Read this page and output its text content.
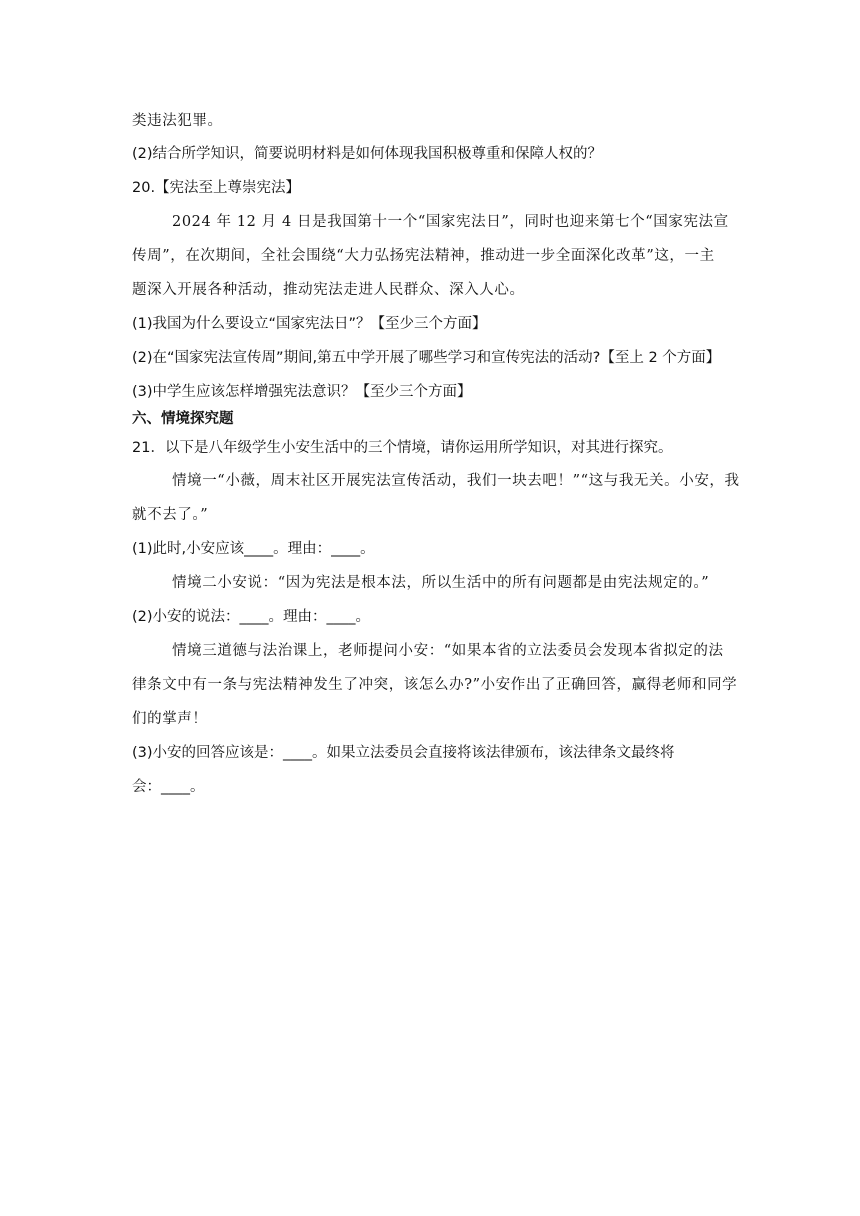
类违法犯罪。
(2)结合所学知识，简要说明材料是如何体现我国积极尊重和保障人权的？
20.【宪法至上尊崇宪法】
2024 年 12 月 4 日是我国第十一个“国家宪法日”，同时也迎来第七个“国家宪法宣
传周”，在次期间，全社会围绕“大力弘扬宪法精神，推动进一步全面深化改革”这，一主
题深入开展各种活动，推动宪法走进人民群众、深入人心。
(1)我国为什么要设立“国家宪法日”？【至少三个方面】
(2)在“国家宪法宣传周”期间,第五中学开展了哪些学习和宣传宪法的活动?【至上 2 个方面】
(3)中学生应该怎样增强宪法意识？【至少三个方面】
六、情境探究题
21．以下是八年级学生小安生活中的三个情境，请你运用所学知识，对其进行探究。
情境一“小薇，周末社区开展宪法宣传活动，我们一块去吧！”“这与我无关。小安，我
就不去了。”
(1)此时,小安应该____。理由：____。
情境二小安说：“因为宪法是根本法，所以生活中的所有问题都是由宪法规定的。”
(2)小安的说法：____。理由：____。
情境三道德与法治课上，老师提问小安：“如果本省的立法委员会发现本省拟定的法
律条文中有一条与宪法精神发生了冲突，该怎么办?”小安作出了正确回答，赢得老师和同学
们的掌声！
(3)小安的回答应该是：____。如果立法委员会直接将该法律颁布，该法律条文最终将
会：____。
